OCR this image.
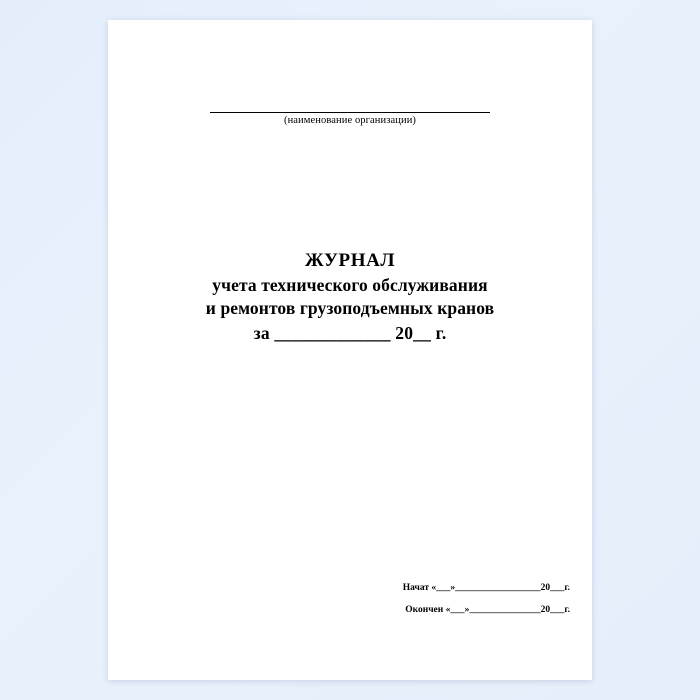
(наименование организации)
ЖУРНАЛ
учета технического обслуживания
и ремонтов грузоподъемных кранов
за _____________ 20__ г.
Начат «___»__________________20___г.
Окончен «___»_______________20___г.
